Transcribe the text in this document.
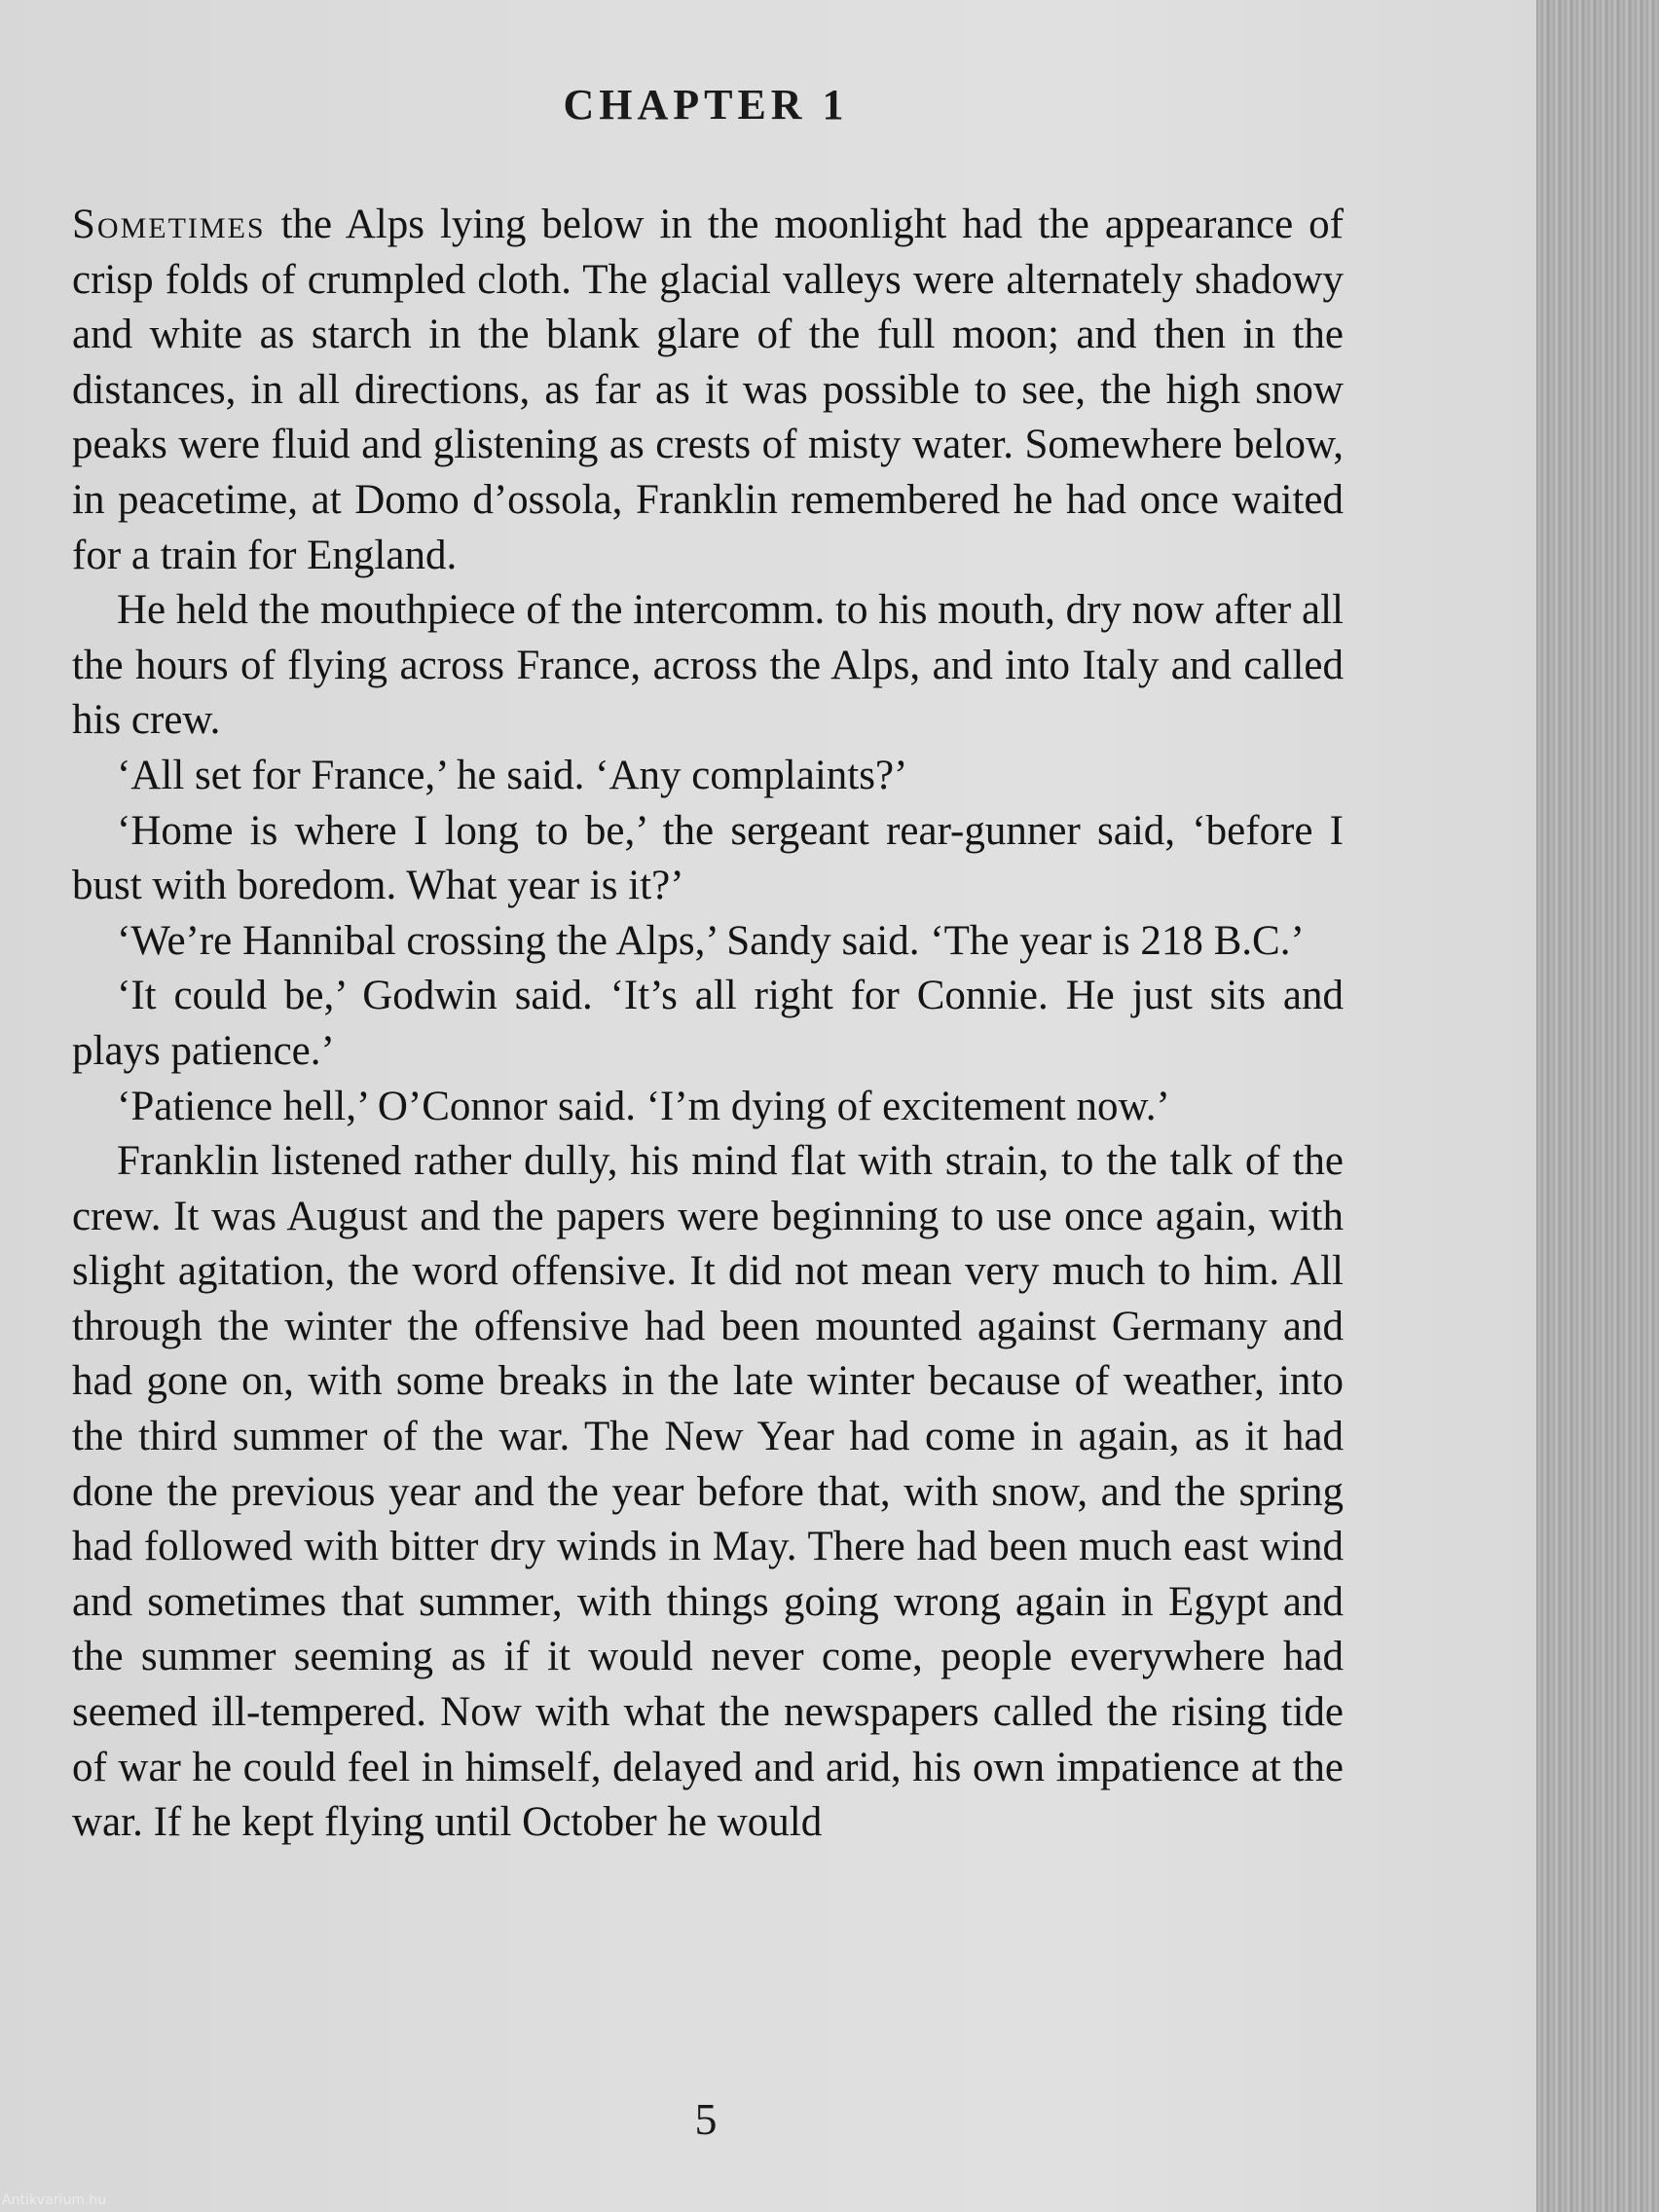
CHAPTER 1

Sometimes the Alps lying below in the moonlight had the appearance of crisp folds of crumpled cloth. The glacial valleys were alternately shadowy and white as starch in the blank glare of the full moon; and then in the distances, in all directions, as far as it was possible to see, the high snow peaks were fluid and glistening as crests of misty water. Somewhere below, in peacetime, at Domo d’ossola, Franklin remembered he had once waited for a train for England.

He held the mouthpiece of the intercomm. to his mouth, dry now after all the hours of flying across France, across the Alps, and into Italy and called his crew.

‘All set for France,’ he said. ‘Any complaints?’

‘Home is where I long to be,’ the sergeant rear-gunner said, ‘before I bust with boredom. What year is it?’

‘We’re Hannibal crossing the Alps,’ Sandy said. ‘The year is 218 B.C.’

‘It could be,’ Godwin said. ‘It’s all right for Connie. He just sits and plays patience.’

‘Patience hell,’ O’Connor said. ‘I’m dying of excitement now.’

Franklin listened rather dully, his mind flat with strain, to the talk of the crew. It was August and the papers were beginning to use once again, with slight agitation, the word offensive. It did not mean very much to him. All through the winter the offensive had been mounted against Germany and had gone on, with some breaks in the late winter because of weather, into the third summer of the war. The New Year had come in again, as it had done the previous year and the year before that, with snow, and the spring had followed with bitter dry winds in May. There had been much east wind and sometimes that summer, with things going wrong again in Egypt and the summer seeming as if it would never come, people everywhere had seemed ill-tempered. Now with what the newspapers called the rising tide of war he could feel in himself, delayed and arid, his own impatience at the war. If he kept flying until October he would

5
Antikvarium.hu
